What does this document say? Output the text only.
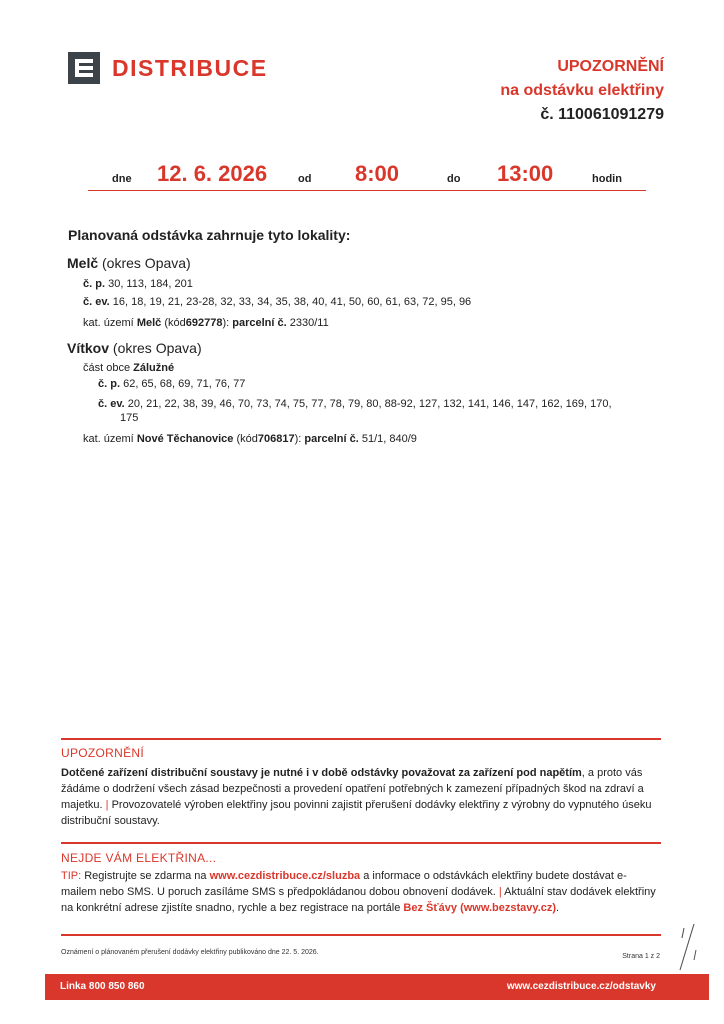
DISTRIBUCE	UPOZORNĚNÍ
na odstávku elektřiny
č. 110061091279
dne 12. 6. 2026	od 8:00	do 13:00	hodin
Planovaná odstávka zahrnuje tyto lokality:
Melč (okres Opava)
č. p. 30, 113, 184, 201
č. ev. 16, 18, 19, 21, 23-28, 32, 33, 34, 35, 38, 40, 41, 50, 60, 61, 63, 72, 95, 96
kat. území Melč (kód692778): parcelní č. 2330/11
Vítkov (okres Opava)
část obce Zálužné
č. p. 62, 65, 68, 69, 71, 76, 77
č. ev. 20, 21, 22, 38, 39, 46, 70, 73, 74, 75, 77, 78, 79, 80, 88-92, 127, 132, 141, 146, 147, 162, 169, 170,
175
kat. území Nové Těchanovice (kód706817): parcelní č. 51/1, 840/9
UPOZORNĚNÍ
Dotčené zařízení distribuční soustavy je nutné i v době odstávky považovat za zařízení pod napětím, a proto vás žádáme o dodržení všech zásad bezpečnosti a provedení opatření potřebných k zamezení případných škod na zdraví a majetku. | Provozovatelé výroben elektřiny jsou povinni zajistit přerušení dodávky elektřiny z výrobny do vypnutého úseku distribuční soustavy.
NEJDE VÁM ELEKTŘINA...
TIP: Registrujte se zdarma na www.cezdistribuce.cz/sluzba a informace o odstávkách elektřiny budete dostávat e-mailem nebo SMS. U poruch zasíláme SMS s předpokládanou dobou obnovení dodávek. | Aktuální stav dodávek elektřiny na konkrétní adrese zjistíte snadno, rychle a bez registrace na portále Bez Šťávy (www.bezstavy.cz).
Oznámení o plánovaném přerušení dodávky elektřiny publikováno dne 22. 5. 2026.
Strana 1 z 2
Linka 800 850 860	www.cezdistribuce.cz/odstavky
